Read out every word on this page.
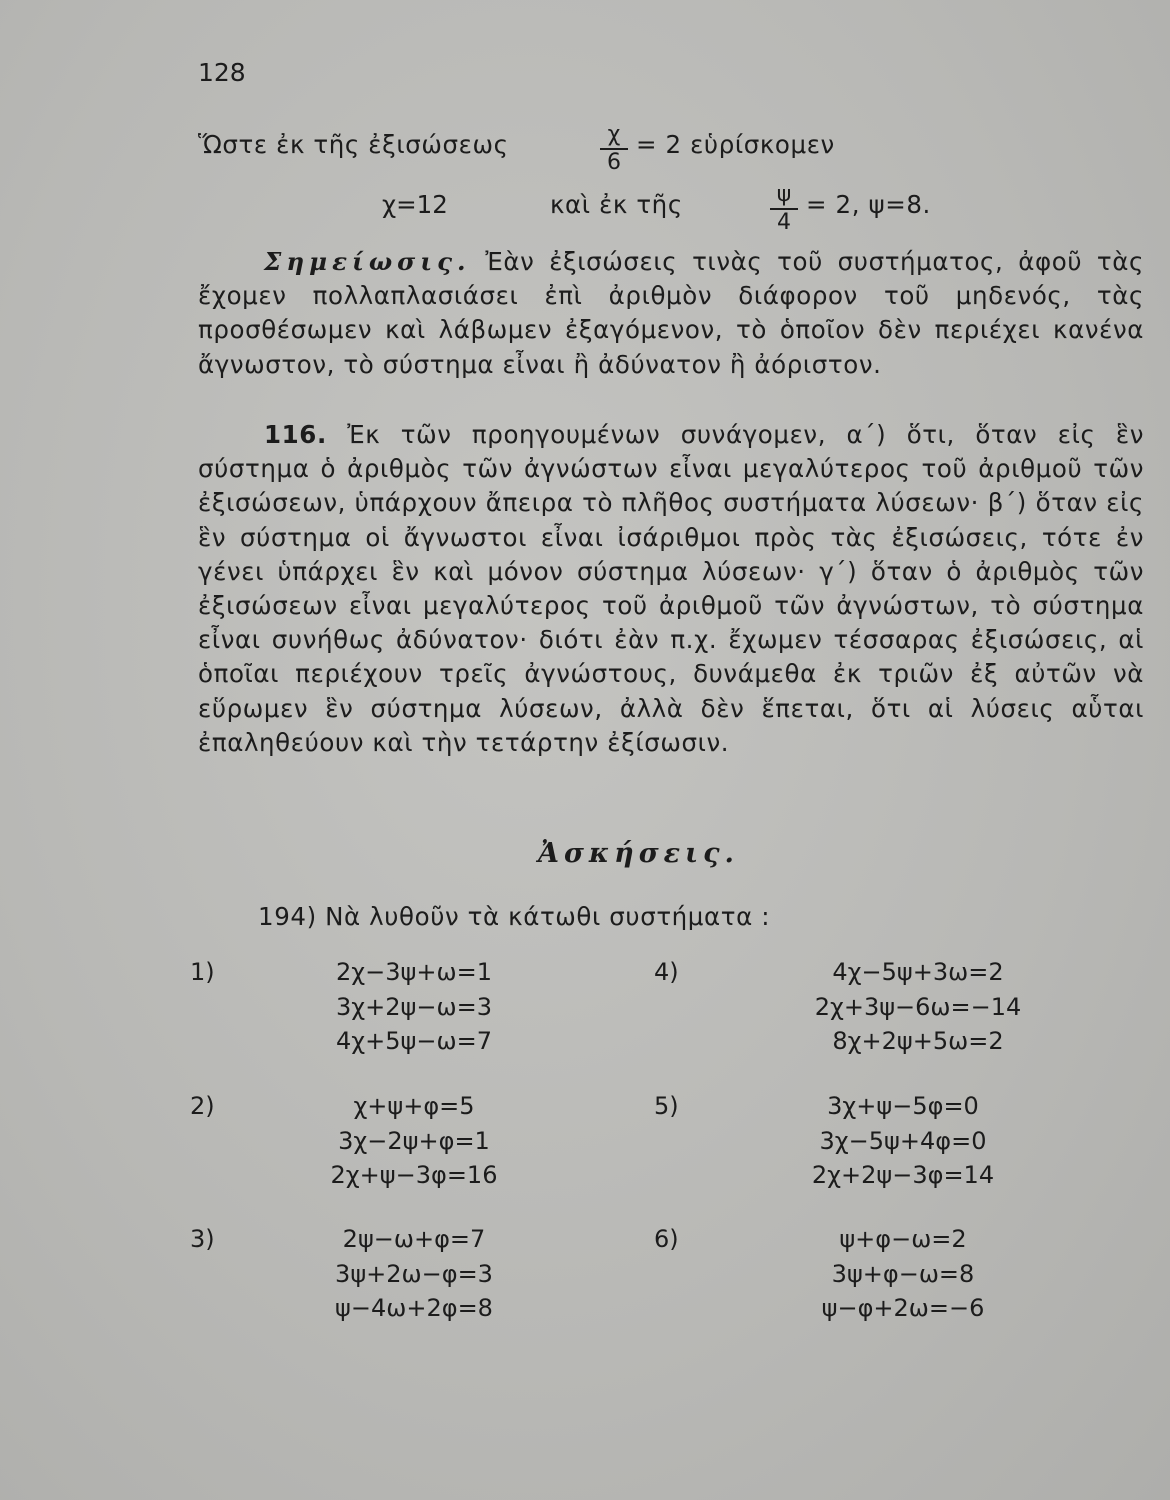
128
Ὥστε ἐκ τῆς ἐξισώσεως	χ
6
= 2 εὑρίσκομεν
χ=12	καὶ ἐκ τῆς	ψ
4
= 2, ψ=8.

Σημείωσις. Ἐὰν ἐξισώσεις τινὰς τοῦ συστήματος, ἀφοῦ τὰς ἔχομεν πολλαπλασιάσει ἐπὶ ἀριθμὸν διάφορον τοῦ μηδενός, τὰς προσθέσωμεν καὶ λάβωμεν ἐξαγόμενον, τὸ ὁποῖον δὲν περιέχει κανένα ἄγνωστον, τὸ σύστημα εἶναι ἢ ἀδύνατον ἢ ἀόριστον.

116. Ἐκ τῶν προηγουμένων συνάγομεν, α΄) ὅτι, ὅταν εἰς ἓν σύστημα ὁ ἀριθμὸς τῶν ἀγνώστων εἶναι μεγαλύτερος τοῦ ἀριθμοῦ τῶν ἐξισώσεων, ὑπάρχουν ἄπειρα τὸ πλῆθος συστήματα λύσεων· β΄) ὅταν εἰς ἓν σύστημα οἱ ἄγνωστοι εἶναι ἰσάριθμοι πρὸς τὰς ἐξισώσεις, τότε ἐν γένει ὑπάρχει ἓν καὶ μόνον σύστημα λύσεων· γ΄) ὅταν ὁ ἀριθμὸς τῶν ἐξισώσεων εἶναι μεγαλύτερος τοῦ ἀριθμοῦ τῶν ἀγνώστων, τὸ σύστημα εἶναι συνήθως ἀδύνατον· διότι ἐὰν π.χ. ἔχωμεν τέσσαρας ἐξισώσεις, αἱ ὁποῖαι περιέχουν τρεῖς ἀγνώστους, δυνάμεθα ἐκ τριῶν ἐξ αὐτῶν νὰ εὕρωμεν ἓν σύστημα λύσεων, ἀλλὰ δὲν ἕπεται, ὅτι αἱ λύσεις αὗται ἐπαληθεύουν καὶ τὴν τετάρτην ἐξίσωσιν.

Ἀσκήσεις.
194) Νὰ λυθοῦν τὰ κάτωθι συστήματα :
1)	2χ−3ψ+ω=1
3χ+2ψ−ω=3
4χ+5ψ−ω=7
2)	χ+ψ+φ=5
3χ−2ψ+φ=1
2χ+ψ−3φ=16
3)	2ψ−ω+φ=7
3ψ+2ω−φ=3
ψ−4ω+2φ=8
4)	4χ−5ψ+3ω=2
2χ+3ψ−6ω=−14
8χ+2ψ+5ω=2
5)	3χ+ψ−5φ=0
3χ−5ψ+4φ=0
2χ+2ψ−3φ=14
6)	ψ+φ−ω=2
3ψ+φ−ω=8
ψ−φ+2ω=−6
